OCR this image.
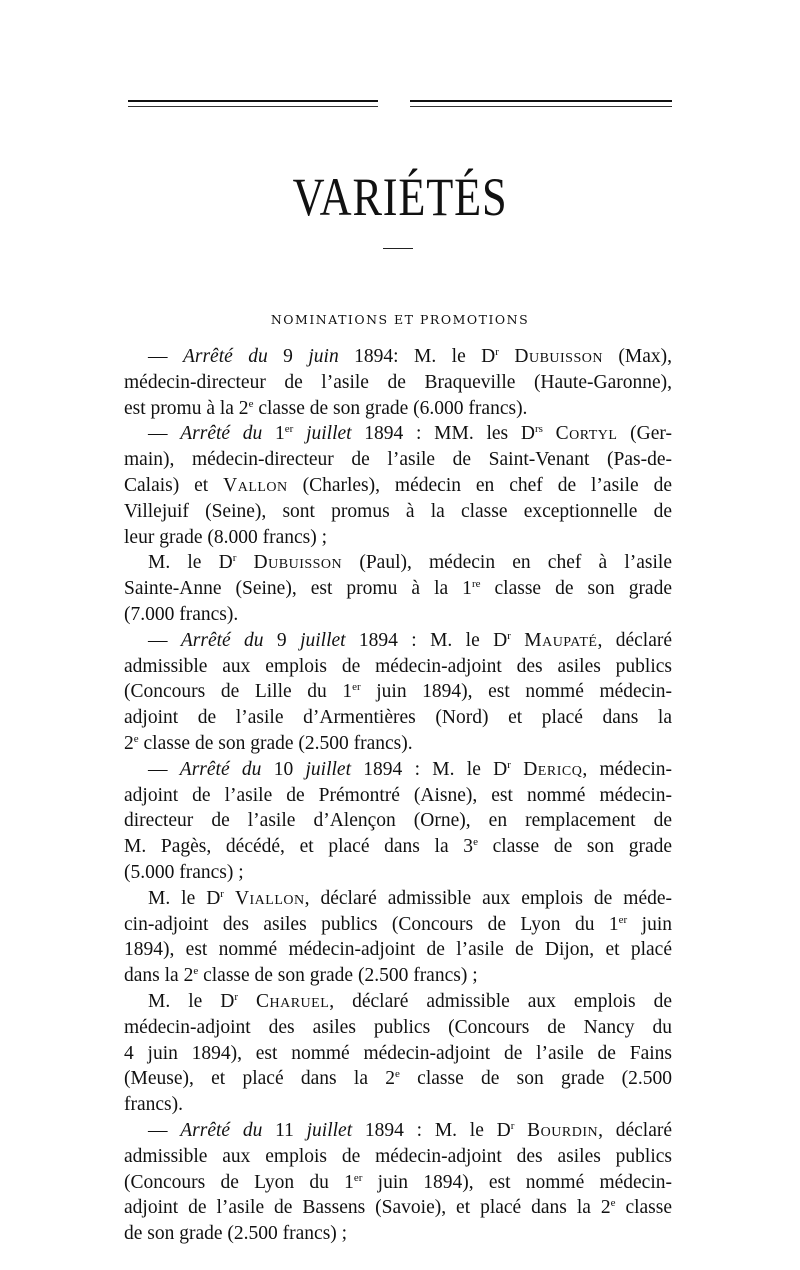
VARIÉTÉS
NOMINATIONS ET PROMOTIONS
— Arrêté du 9 juin 1894: M. le $D^r$ Dubuisson (Max),
médecin-directeur de l’asile de Braqueville (Haute-Garonne),
est promu à la 2e classe de son grade (6.000 francs).
— Arrêté du 1er juillet 1894 : MM. les $D^{rs}$ Cortyl (Ger-
main), médecin-directeur de l’asile de Saint-Venant (Pas-de-
Calais) et Vallon (Charles), médecin en chef de l’asile de
Villejuif (Seine), sont promus à la classe exceptionnelle de
leur grade (8.000 francs) ;
M. le $D^r$ Dubuisson (Paul), médecin en chef à l’asile
Sainte-Anne (Seine), est promu à la 1re classe de son grade
(7.000 francs).
— Arrêté du 9 juillet 1894 : M. le $D^r$ Maupaté, déclaré
admissible aux emplois de médecin-adjoint des asiles publics
(Concours de Lille du 1er juin 1894), est nommé médecin-
adjoint de l’asile d’Armentières (Nord) et placé dans la
2e classe de son grade (2.500 francs).
— Arrêté du 10 juillet 1894 : M. le $D^r$ Dericq, médecin-
adjoint de l’asile de Prémontré (Aisne), est nommé médecin-
directeur de l’asile d’Alençon (Orne), en remplacement de
M. Pagès, décédé, et placé dans la 3e classe de son grade
(5.000 francs) ;
M. le $D^r$ Viallon, déclaré admissible aux emplois de méde-
cin-adjoint des asiles publics (Concours de Lyon du 1er juin
1894), est nommé médecin-adjoint de l’asile de Dijon, et placé
dans la 2e classe de son grade (2.500 francs) ;
M. le $D^r$ Charuel, déclaré admissible aux emplois de
médecin-adjoint des asiles publics (Concours de Nancy du
4 juin 1894), est nommé médecin-adjoint de l’asile de Fains
(Meuse), et placé dans la 2e classe de son grade (2.500
francs).
— Arrêté du 11 juillet 1894 : M. le $D^r$ Bourdin, déclaré
admissible aux emplois de médecin-adjoint des asiles publics
(Concours de Lyon du 1er juin 1894), est nommé médecin-
adjoint de l’asile de Bassens (Savoie), et placé dans la 2e classe
de son grade (2.500 francs) ;
